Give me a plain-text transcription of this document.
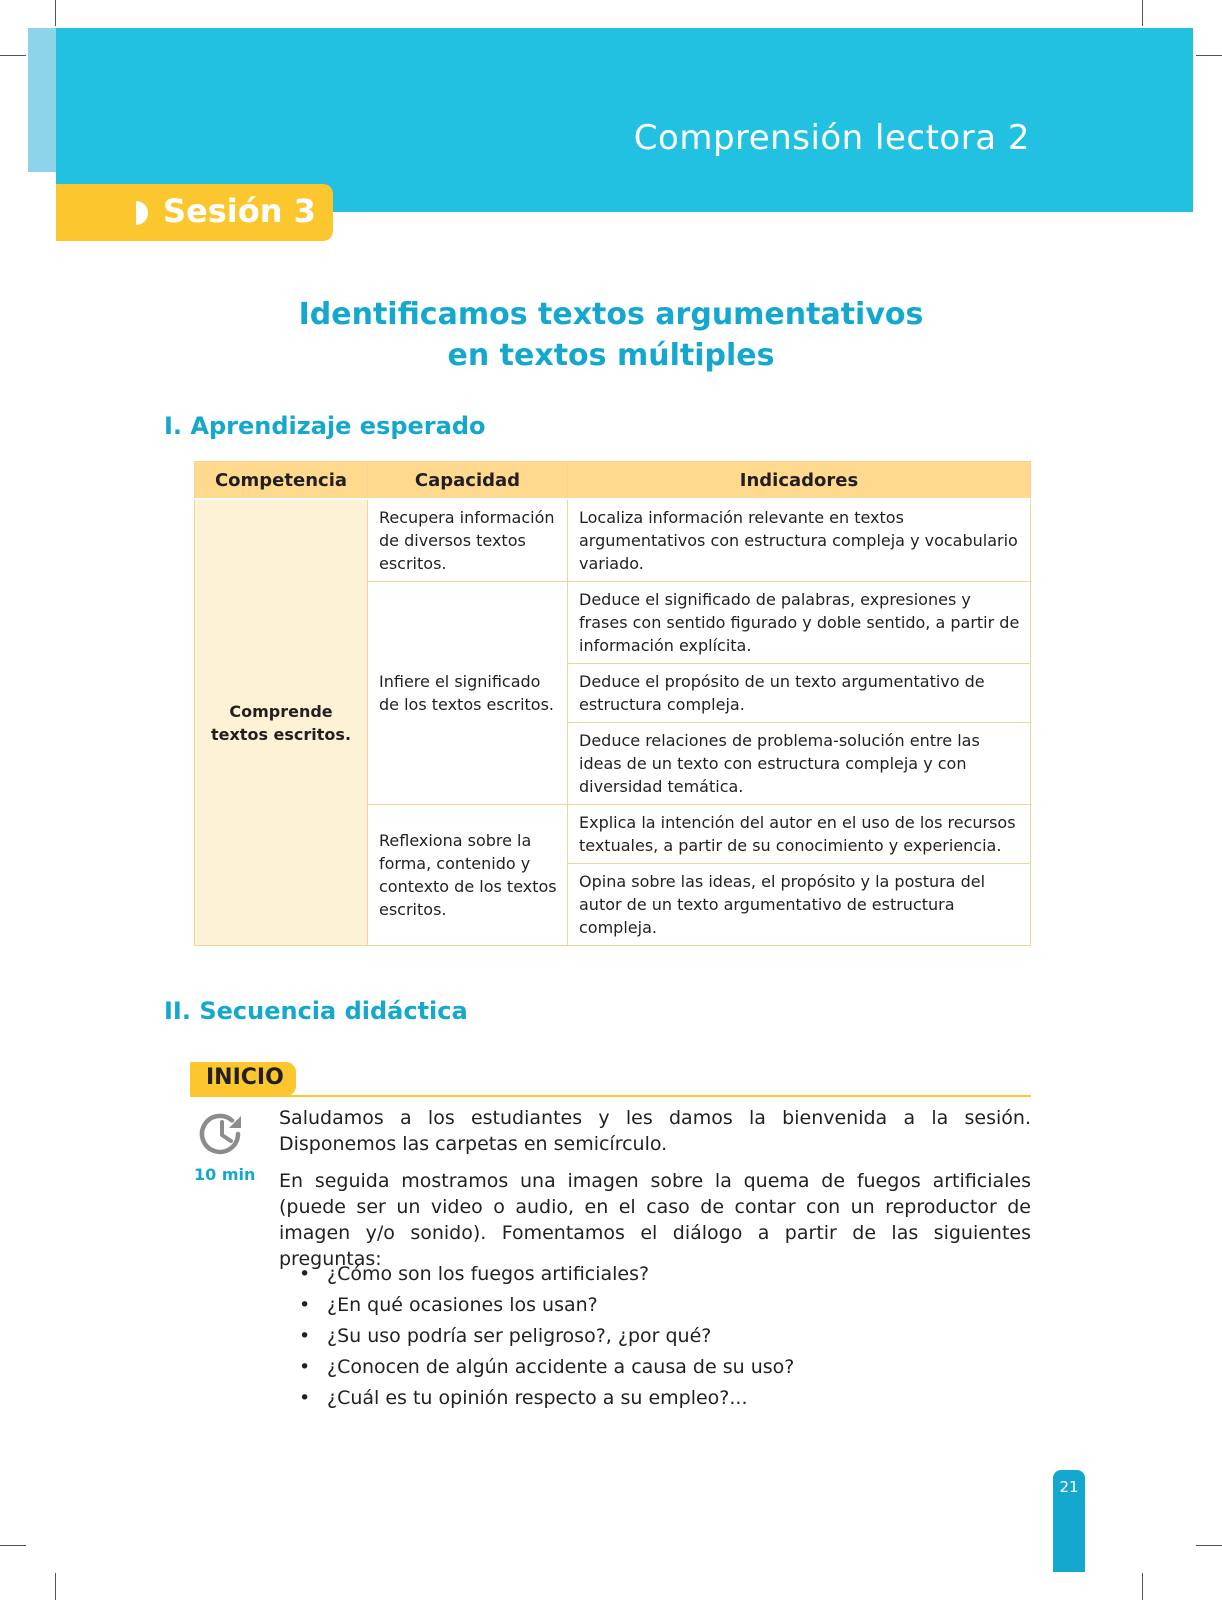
Comprensión lectora 2
Sesión 3
Identificamos textos argumentativos
en textos múltiples
I. Aprendizaje esperado
Competencia	Capacidad	Indicadores

Comprende
textos escritos.	Recupera información de diversos textos escritos.	Localiza información relevante en textos argumentativos con estructura compleja y vocabulario variado.
	Infiere el significado de los textos escritos.	Deduce el significado de palabras, expresiones y frases con sentido figurado y doble sentido, a partir de información explícita.
		Deduce el propósito de un texto argumentativo de estructura compleja.
		Deduce relaciones de problema-solución entre las ideas de un texto con estructura compleja y con diversidad temática.
	Reflexiona sobre la forma, contenido y contexto de los textos escritos.	Explica la intención del autor en el uso de los recursos textuales, a partir de su conocimiento y experiencia.
		Opina sobre las ideas, el propósito y la postura del autor de un texto argumentativo de estructura compleja.
II. Secuencia didáctica
INICIO
10 min

Saludamos a los estudiantes y les damos la bienvenida a la sesión. Disponemos las carpetas en semicírculo.

En seguida mostramos una imagen sobre la quema de fuegos artificiales (puede ser un video o audio, en el caso de contar con un reproductor de imagen y/o sonido). Fomentamos el diálogo a partir de las siguientes preguntas:

• ¿Cómo son los fuegos artificiales?
• ¿En qué ocasiones los usan?
• ¿Su uso podría ser peligroso?, ¿por qué?
• ¿Conocen de algún accidente a causa de su uso?
• ¿Cuál es tu opinión respecto a su empleo?...
21
